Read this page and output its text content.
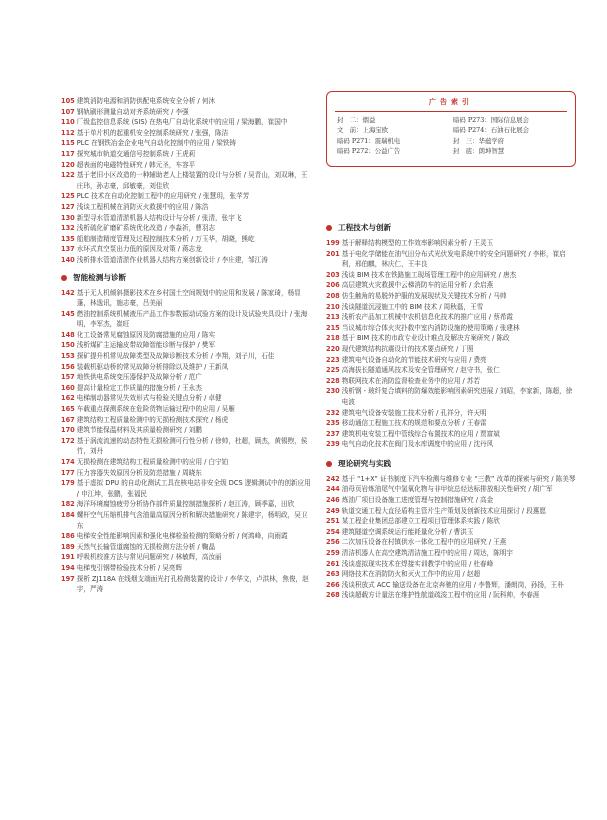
105 建筑消防电源和消防供配电系统安全分析 / 何沐
107 钢轨刷形测量自动对齐系统研究 / 李强
110 厂级监控信息系统 (SIS) 在热电厂自动化系统中的应用 / 梁海鹏，崔国中
112 基于单片机的起重机安全控制系统研究 / 张强，陈洁
115 PLC 在钢铁冶金企业电气自动化控制中的应用 / 梁铁铸
117 探究城市轨道交通信号控制系统 / 王虎莉
120 超表面的电磁特性研究 / 韩元圣，车容平
122 基于老旧小区改造的一种辅助老人上楼装置的设计与分析 / 吴青山，刘双琳，王庄玮，孙志豪，邱敏豪，刘佳欣
125 PLC 技术在自动化控制工程中的应用研究 / 张慧玥，张苹芳
127 浅谈工程机械在消防灭火救援中的应用 / 陈浩
130 新型寻水管道清淤机器人结构设计与分析 / 张清，张宇飞
132 浅析硫化矿磨矿系统优化改造 / 李淼祈，曹羽志
135 船舶制造精度管理及过程控制技术分析 / 万玉华，胡晓，熊屹
137 水环式真空泵出力低的原因及对策 / 蒋志龙
140 浅析排水管道清淤作业机器人结构方案创新设计 / 李庄建，邹江涛
智能检测与诊断
142 基于无人机倾斜摄影技术在乡村国土空间规划中的应用和发展 / 陈家琦，杨显蓬，林逸讯，施志豪，吕美丽
145 燃油控制系统机械液压产品工作参数振动试验方案的设计及试验夹具设计 / 张海明，李军杰，崔旺
148 化工设备常见腐蚀原因及防腐措施的应用 / 陈实
150 浅析煤矿主运输皮带故障智能诊断与保护 / 樊军
153 探矿提升机常见故障类型及故障诊断技术分析 / 李翔，刘子川，石佳
156 装载机驱动桥的常见故障分析排除以及维护 / 王新凤
157 地铁供电系统变压器保护及故障分析 / 范广
160 提高计量检定工作质量的措施分析 / 王永杰
162 电梯制动器常见失效形式与检验关键点分析 / 卓健
165 车载重点探测系统在危险货物运输过程中的应用 / 吴雁
167 建筑结构工程质量检测中的无损检测技术探究 / 杨虎
170 建筑节能保温材料及其质量检测研究 / 刘鹏
172 基于涡流流速的动态特性无损检测可行性分析 / 徐帅，杜超，顾杰，黄锡煦，侯竹，刘丹
174 无损检测在建筑结构工程质量检测中的应用 / 白宁铂
177 压力容器失效原因分析及防范措施 / 周晓东
179 基于虚拟 DPU 的自动化测试工具在核电站非安全级 DCS 逻辑测试中的创新应用 / 申江坤，张鹏，张福民
182 海洋环境腐蚀疲劳分析协作部件质量控制措施探析 / 赵江涛，顾季嘉，田欣
184 螺杆空气压缩机排气含油量高原因分析和解决措施研究 / 陈建宇，杨明政，吴卫东
186 电梯安全性能影响因素和强化电梯检验检测的策略分析 / 何鸿峰，向雨霞
189 天然气长输管道腐蚀的无损检测方法分析 / 鞠晶
191 呼吸机校准方法与常见问题研究 / 林敏辉，高汝丽
194 电梯曳引钢带检验技术分析 / 吴亮辉
197 探析 ZJ118A 在线烟支端面光打孔检测装置的设计 / 李华文，卢洪林，焦俊，赵宇，严涛
广告索引
封　二：烟益	暗码 P273：国际信息展会
文　前：上海宝欧	暗码 P274：石油石化展会
暗码 P271：震瑞机电	封　三：华蕴学府
暗码 P272：公益广告	封　底：朗坤智慧
工程技术与创新
199 基于解释结构模型的工作效率影响因素分析 / 王灵玉
201 基于电化学储能在油气田分布式光伏发电系统中的安全问题研究 / 李彬，崔启利，邢伯麒，林庆仁，王丰良
203 浅谈 BIM 技术在铁路施工现场管理工程中的应用研究 / 唐杰
206 高层建筑火灾救援中云梯消防车的运用分析 / 余启燕
208 仿生触角的易脱外护服的发展现状及关键技术分析 / 马帅
210 浅谈隧道沉浸施工中的 BIM 技术 / 周秋磊，王雪
213 浅析农产品加工机械中农机信息化技术的推广应用 / 蔡希霞
215 当议城市综合体火灾扑救中室内消防设施的使用策略 / 张建林
218 基于 BIM 技术的市政专业设计难点及解决方案研究 / 陈政
220 现代建筑结构抗震设计的技术要点研究 / 丁照
223 建筑电气设备自动化的节能技术研究与应用 / 费亮
225 高海拔长隧道通风技术及安全管理研究 / 赵守书，张仁
228 物联网技术在消防监督检查业务中的应用 / 苏若
230 浅析钢 - 玻纤复合填料的防爆效能影响因素研究进展 / 刘昭，李家新，陈超，徐电波
232 建筑电气设备安装施工技术分析 / 孔祥分，许天明
235 移动通信工程施工技术的规范和要点分析 / 王春雷
237 建筑机电安装工程中管线综合布置技术的应用 / 贾富斌
239 电气自动化技术在阀门及水库调度中的应用 / 沈丹风
理论研究与实践
242 基于 “1+X” 证书制度下汽车检测与维修专业 “三教” 改革的探索与研究 / 陈美琴
244 油母页岩炼油尾气中氢氧化物与非甲烷总烃达标排放相关性研究 / 胡广军
246 炼油厂项目设备施工进度管理与控制措施研究 / 高金
249 轨道交通工程大直径盾构主管片生产策划及创新技术应用探讨 / 段惠愿
251 某工程企业集团总部建立工程项目管理体系实践 / 陈欣
254 建筑隧道空调系统运行能耗量化分析 / 曹洪玉
256 二次加压设备在村镇供水一体化工程中的应用研究 / 王燕
259 清洁机器人在高空建筑清洁施工程中的应用 / 周达，陈明宇
261 浅谈虚拟现实技术在焊接实训教学中的应用 / 杜春峰
263 网络技术在消防防火和灭火工作中的应用 / 赵超
266 浅谈积放式 ACC 输送设备在北京奔驰的应用 / 李鲁辉，潘朗岗，孙扬，王朴
268 浅谈超载方计量法在维护性航道疏浚工程中的应用 / 阮科帅，李春涯
